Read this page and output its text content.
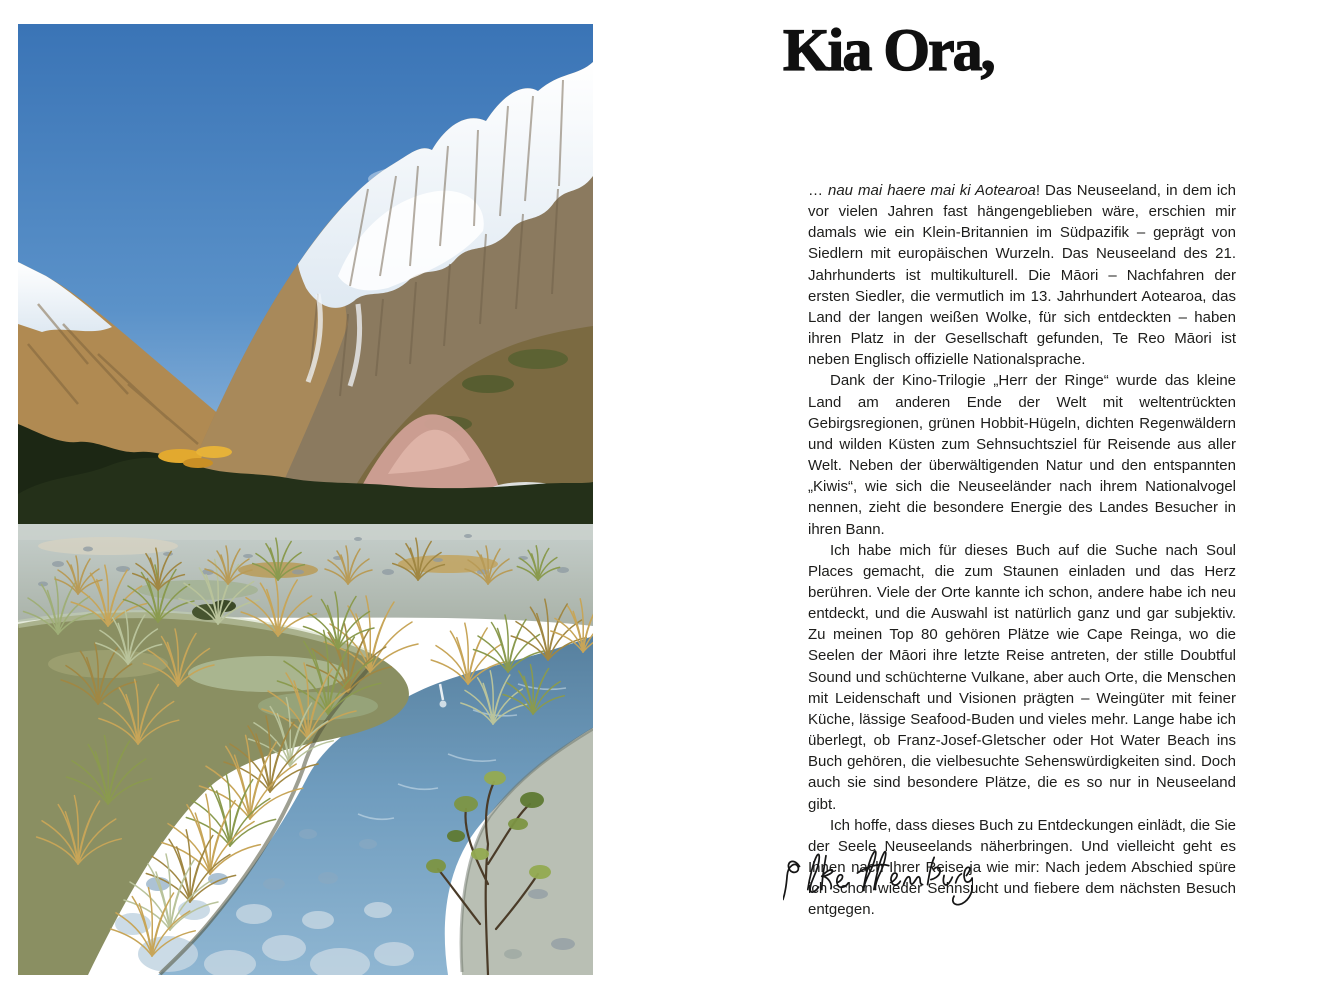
Kia Ora,

… nau mai haere mai ki Aotearoa! Das Neuseeland, in dem ich vor vielen Jahren fast hängengeblieben wäre, erschien mir damals wie ein Klein-Britannien im Südpazifik – geprägt von Siedlern mit europäischen Wurzeln. Das Neuseeland des 21. Jahrhunderts ist multikulturell. Die Māori – Nachfahren der ersten Siedler, die vermutlich im 13. Jahrhundert Aotearoa, das Land der langen weißen Wolke, für sich entdeckten – haben ihren Platz in der Gesellschaft gefunden, Te Reo Māori ist neben Englisch offizielle Nationalsprache.

Dank der Kino-Trilogie „Herr der Ringe“ wurde das kleine Land am anderen Ende der Welt mit weltentrückten Gebirgsregionen, grünen Hobbit-Hügeln, dichten Regenwäldern und wilden Küsten zum Sehnsuchtsziel für Reisende aus aller Welt. Neben der überwältigenden Natur und den entspannten „Kiwis“, wie sich die Neuseeländer nach ihrem Nationalvogel nennen, zieht die besondere Energie des Landes Besucher in ihren Bann.

Ich habe mich für dieses Buch auf die Suche nach Soul Places gemacht, die zum Staunen einladen und das Herz berühren. Viele der Orte kannte ich schon, andere habe ich neu entdeckt, und die Auswahl ist natürlich ganz und gar subjektiv. Zu meinen Top 80 gehören Plätze wie Cape Reinga, wo die Seelen der Māori ihre letzte Reise antreten, der stille Doubtful Sound und schüchterne Vulkane, aber auch Orte, die Menschen mit Leidenschaft und Visionen prägten – Weingüter mit feiner Küche, lässige Seafood-Buden und vieles mehr. Lange habe ich überlegt, ob Franz-Josef-Gletscher oder Hot Water Beach ins Buch gehören, die vielbesuchte Sehenswürdigkeiten sind. Doch auch sie sind besondere Plätze, die es so nur in Neuseeland gibt.

Ich hoffe, dass dieses Buch zu Entdeckungen einlädt, die Sie der Seele Neuseelands näherbringen. Und vielleicht geht es Ihnen nach Ihrer Reise ja wie mir: Nach jedem Abschied spüre ich schon wieder Sehnsucht und fiebere dem nächsten Besuch entgegen.
